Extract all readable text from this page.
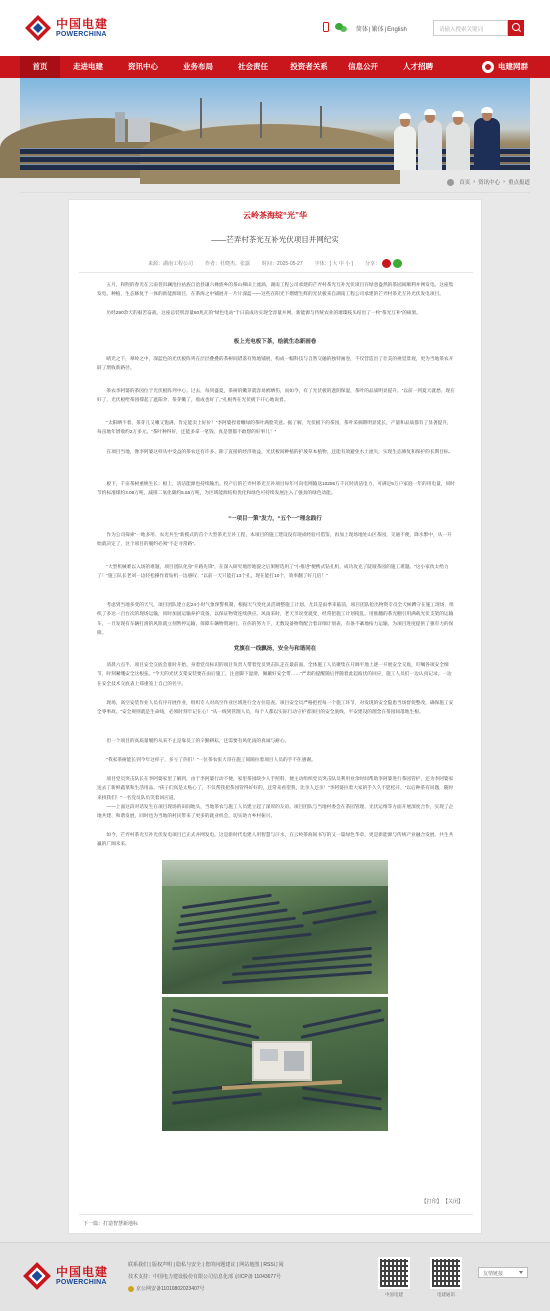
中国电建
POWERCHINA
简体|繁体|English	请输入搜索关键词
首页	走进电建	资讯中心	业务布局	社会责任	投资者关系	信息公开	人才招聘	电建网群
首页 › 资讯中心 › 重点报道
云岭茶海绽“光”华
——芒弄村茶光互补光伏项目并网纪实
来源：湖南工程公司 作者：杜晓杰、张露 时间：2025-05-27 字体：[ 大 中 小 ] 分享：
五月，和煦的春光在云南普洱澜沧拉祜族自治县谦六彝族乡的茶山梯田上流淌，湖南工程公司承建的芒弄村茶光互补光伏项目在绿意盎然的茶园间顺利并网发电。这座集发电、种植、生态修复于一体的新能源项目，在茶海之中铺展开一片片深蓝——这些在阳光下熠熠生辉的光伏板来自湖南工程公司承建的芒弄村茶光互补光伏发电项目。
历经290余天的艰苦奋战，这座总装机容量60兆瓦的“绿色电站”于日前成功实现全容量并网，新能源与传统农业的璀璨枝头结出了一枚“茶光互补”的硕果。
板上光电板下茶，绘就生态新画卷
晴光之下，翠岭之中，深蓝色的光伏板阵列在层层叠叠的茶树间错落有致地铺展，构成一幅科技与自然交融的独特画卷，不仅营造出了壮美的视觉景观，更为当地茶农开辟了增收新路径。
茶农李阿婆的茶园位于光伏板阵列中心。过去，每到盛夏，茶树的嫩芽就容易被晒伤，而如今，有了光伏板的遮阴保湿，茶叶的品质明显提升。“以前一到夏天就愁，现在好了，光伏板给茶园撑起了遮阳伞，茶芽嫩了，收成也好了。”孔根秀在光伏板下开心地说着。
“太阳晒不着，茶芽儿又嫩又饱满，肯定能卖上好价！”李阿婆捏着嫩绿的茶叶满脸笑意。据了解，光伏板下的茶园，茶叶采摘期明显延长，产量和品质都有了显著提升，每亩地年增收约2万多元。“茶叶种得好，还能多拿一笔钱，真是想都不敢想的好事儿！”
在项目当地，像李阿婆这样从中受益的茶农还有许多。除了直接的经济收益，光伏板间种植的护坡草本植物，还能有效避免水土流失，实现生态修复和保护的长期目标。
板下，千亩茶树重焕生长；板上，清洁能源也持续输出。投产后的芒弄村茶光互补项目每年可向电网输送10256万千瓦时清洁电力，可满足5万户家庭一年的用电量，同时节约标准煤约3.08万吨，减排二氧化碳约5.55万吨，为区域能源结构优化和绿色可持续发展注入了强劲的绿色动能。
“一项目一策”发力，“五个一”理念践行
作为公司探索“一地多用、农光共生”新模式的首个大型茶光互补工程，本项目的施工建设没有现成经验可借鉴，再加上现场地处山区茶园，交通不便，降水繁中，从一开始就决定了，这个项目的履约必须“不走寻常路”。
“大型机械难以入场的难题，项目团队化身“开路先锋”，在深入研究地形地貌之后果断选用了“小推进”便携式钻孔机，成功攻克了陡坡茶园的施工难题。“这小家伙太给力了！”施工队长老刘一边轻松操作着钻机一边感叹：“以前一天只能打13个孔，现在能打10个，效率翻了好几倍！”
考虑到当地多变的天气，项目团队建立起24小时气象预警机制，根据天气变化灵活调整施工计划。尤其是雨季来临前，项目团队抢出物资专员全天候蹲守在施工现场，组织了多达一百台次的现场运输，同时加固运输养护设备，以保证物资连续供应。风雨来时，老天爷说变就变，经常把施工计划搅乱。用推翻的茶光棚引用满载光伏支架的运输车，一旦发现有车辆打滑的风险就立刻暂停运输，保障车辆物资通行。在你的努力下，无数设备物资配合着详细计划表，有条不紊地按力运输，为项目进度提供了强有力的保障。
党旗在一线飘扬，安全与和谐同在
清晨六点半，项目安全交底会准时开始。身着党员标识的项目负责人带着党员突击队走在最前面，全体施工人员聚集在开阔平地上逐一开展安全交底，叮嘱各项安全细节，时刻紧绷安全这根弦。“今天的光伏支架安装要在雨后施工，注意脚下湿滑，佩戴好安全带……”严肃的提醒随后伴随着此起彼伏的回应，施工人员们一边认真记录，一边在安全技术交底表上郑重签上自己的名字。
现场，高空安装作业人员有序开展作业，组织专人对高空作业区域进行全方位巡查。项目安全员严格把控每一个施工环节，对发现的安全隐患当场督促整改，确保施工安全零事故。“安全规则就是生命线，必须时刻牢记在心！”从一线到管理人员，每个人都以实际行动守护着项目的安全底线，平安建设的理念在茶园间落地生根。
但一个项目的高质量履约从来不止是靠员工的辛勤耕耘，还需要有风化雨的真诚与耐心。
“我家茶树能长到今年这样子，多亏了你们！”一位茶农张大哥在施工间隙拉着项目人员的手不住感谢。
项目党员突击队长在李阿婆家里了解到，由于李阿婆行动不便，家里茶园缺少人手照料，便主动组织党员突击队员利用业余时间帮助李阿婆进行茶园管护，还为李阿婆家送去了新鲜蔬菜和生活用品。“孩子们真是太贴心了，不仅帮我把茶园管得好好的，还常来看望我，比亲人还亲！”李阿婆拉着大家的手久久不愿松开，“以后种茶有问题，随时来找我们！”一名党员队员笑着回应道。
——上面这段对话发生在项目现场的田间地头，当地茶农与施工人员建立起了深厚的友谊。项目团队与当地村委会在茶园管理、光伏运维等方面开展深度合作，实现了企地共建、和谐发展，同时也为当地的村民带来了更多的就业机会，切实助力乡村振兴。
如今，芒弄村茶光互补光伏发电项目已正式并网发电。这是新时代电建人用智慧与汗水，在云岭茶海间书写的又一篇绿色华章，更是新能源与传统产业融合发展、共生共赢的广阔未来。
【打印】 【关闭】
下一篇：打造智慧新地标
中国电建
POWERCHINA
联系我们 | 版权声明 | 隐私与安全 | 您的问题建议 | 网站地图 | RSS订阅
技术支持：中国电力建设股份有限公司信息化部 京ICP备 11043677号
京公网安备11010802023407号
中国电建	电建通讯
友情链接
